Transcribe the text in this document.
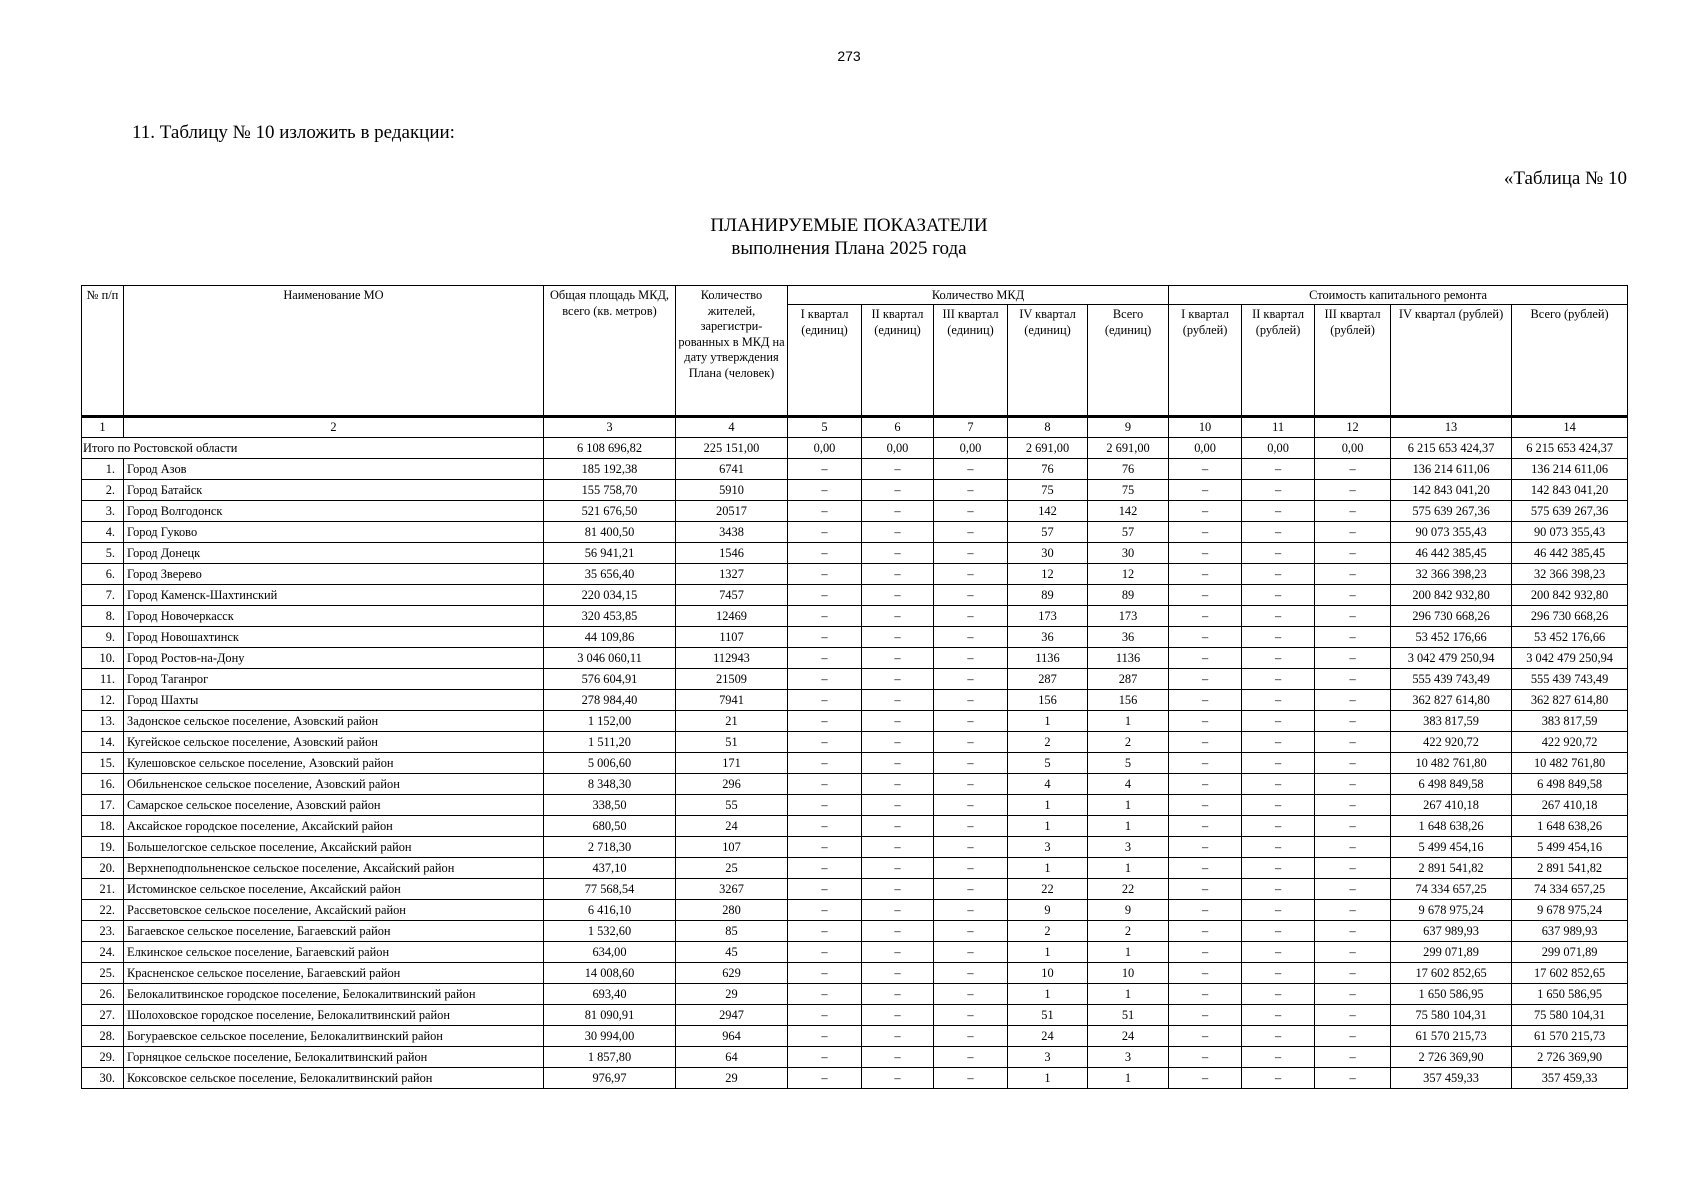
273
11. Таблицу № 10 изложить в редакции:
«Таблица № 10
ПЛАНИРУЕМЫЕ ПОКАЗАТЕЛИ
выполнения Плана 2025 года
№ п/п	Наименование МО	Общая площадь МКД, всего (кв. метров)	Количество жителей, зарегистри-рованных в МКД на дату утверждения Плана (человек)	Количество МКД					Стоимость капитального ремонта				
				I квартал (единиц)	II квартал (единиц)	III квартал (единиц)	IV квартал (единиц)	Всего (единиц)	I квартал (рублей)	II квартал (рублей)	III квартал (рублей)	IV квартал (рублей)	Всего (рублей)
1	2	3	4	5	6	7	8	9	10	11	12	13	14
Итого по Ростовской области		6 108 696,82	225 151,00	0,00	0,00	0,00	2 691,00	2 691,00	0,00	0,00	0,00	6 215 653 424,37	6 215 653 424,37
1.	Город Азов	185 192,38	6741	–	–	–	76	76	–	–	–	136 214 611,06	136 214 611,06
2.	Город Батайск	155 758,70	5910	–	–	–	75	75	–	–	–	142 843 041,20	142 843 041,20
3.	Город Волгодонск	521 676,50	20517	–	–	–	142	142	–	–	–	575 639 267,36	575 639 267,36
4.	Город Гуково	81 400,50	3438	–	–	–	57	57	–	–	–	90 073 355,43	90 073 355,43
5.	Город Донецк	56 941,21	1546	–	–	–	30	30	–	–	–	46 442 385,45	46 442 385,45
6.	Город Зверево	35 656,40	1327	–	–	–	12	12	–	–	–	32 366 398,23	32 366 398,23
7.	Город Каменск-Шахтинский	220 034,15	7457	–	–	–	89	89	–	–	–	200 842 932,80	200 842 932,80
8.	Город Новочеркасск	320 453,85	12469	–	–	–	173	173	–	–	–	296 730 668,26	296 730 668,26
9.	Город Новошахтинск	44 109,86	1107	–	–	–	36	36	–	–	–	53 452 176,66	53 452 176,66
10.	Город Ростов-на-Дону	3 046 060,11	112943	–	–	–	1136	1136	–	–	–	3 042 479 250,94	3 042 479 250,94
11.	Город Таганрог	576 604,91	21509	–	–	–	287	287	–	–	–	555 439 743,49	555 439 743,49
12.	Город Шахты	278 984,40	7941	–	–	–	156	156	–	–	–	362 827 614,80	362 827 614,80
13.	Задонское сельское поселение, Азовский район	1 152,00	21	–	–	–	1	1	–	–	–	383 817,59	383 817,59
14.	Кугейское сельское поселение, Азовский район	1 511,20	51	–	–	–	2	2	–	–	–	422 920,72	422 920,72
15.	Кулешовское сельское поселение, Азовский район	5 006,60	171	–	–	–	5	5	–	–	–	10 482 761,80	10 482 761,80
16.	Обильненское сельское поселение, Азовский район	8 348,30	296	–	–	–	4	4	–	–	–	6 498 849,58	6 498 849,58
17.	Самарское сельское поселение, Азовский район	338,50	55	–	–	–	1	1	–	–	–	267 410,18	267 410,18
18.	Аксайское городское поселение, Аксайский район	680,50	24	–	–	–	1	1	–	–	–	1 648 638,26	1 648 638,26
19.	Большелогское сельское поселение, Аксайский район	2 718,30	107	–	–	–	3	3	–	–	–	5 499 454,16	5 499 454,16
20.	Верхнеподпольненское сельское поселение, Аксайский район	437,10	25	–	–	–	1	1	–	–	–	2 891 541,82	2 891 541,82
21.	Истоминское сельское поселение, Аксайский район	77 568,54	3267	–	–	–	22	22	–	–	–	74 334 657,25	74 334 657,25
22.	Рассветовское сельское поселение, Аксайский район	6 416,10	280	–	–	–	9	9	–	–	–	9 678 975,24	9 678 975,24
23.	Багаевское сельское поселение, Багаевский район	1 532,60	85	–	–	–	2	2	–	–	–	637 989,93	637 989,93
24.	Елкинское сельское поселение, Багаевский район	634,00	45	–	–	–	1	1	–	–	–	299 071,89	299 071,89
25.	Красненское сельское поселение, Багаевский район	14 008,60	629	–	–	–	10	10	–	–	–	17 602 852,65	17 602 852,65
26.	Белокалитвинское городское поселение, Белокалитвинский район	693,40	29	–	–	–	1	1	–	–	–	1 650 586,95	1 650 586,95
27.	Шолоховское городское поселение, Белокалитвинский район	81 090,91	2947	–	–	–	51	51	–	–	–	75 580 104,31	75 580 104,31
28.	Богураевское сельское поселение, Белокалитвинский район	30 994,00	964	–	–	–	24	24	–	–	–	61 570 215,73	61 570 215,73
29.	Горняцкое сельское поселение, Белокалитвинский район	1 857,80	64	–	–	–	3	3	–	–	–	2 726 369,90	2 726 369,90
30.	Коксовское сельское поселение, Белокалитвинский район	976,97	29	–	–	–	1	1	–	–	–	357 459,33	357 459,33
